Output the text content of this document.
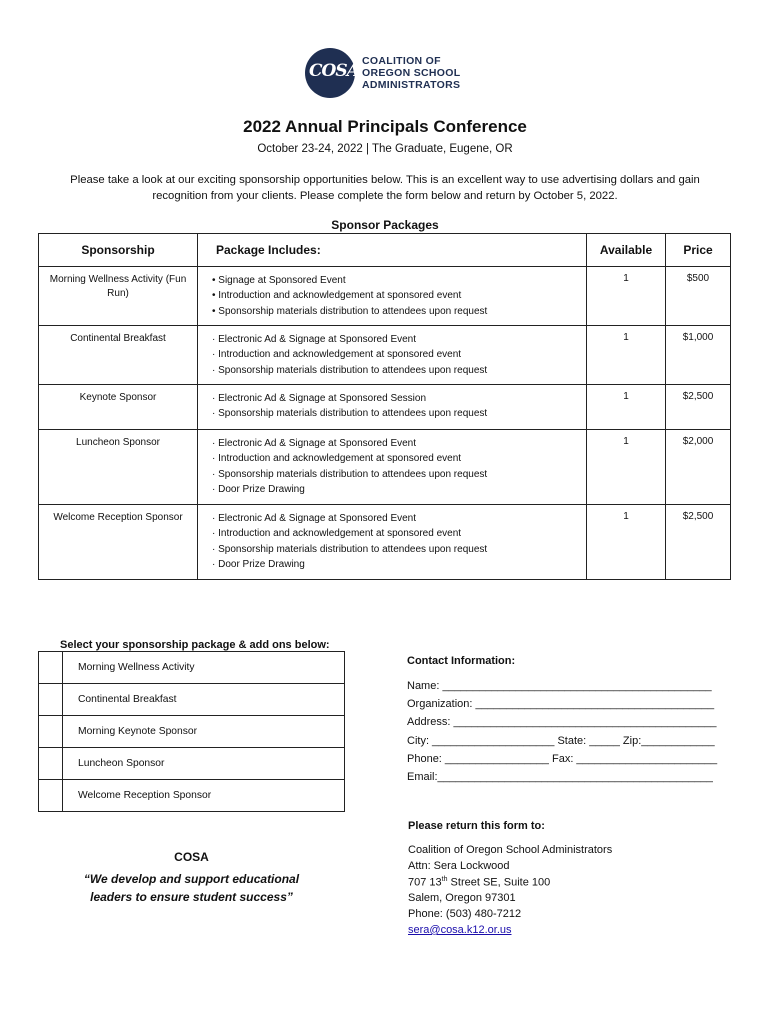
COSA COALITION OF
OREGON SCHOOL
ADMINISTRATORS
2022 Annual Principals Conference
October 23-24, 2022 | The Graduate, Eugene, OR
Please take a look at our exciting sponsorship opportunities below. This is an excellent way to use advertising dollars and gain
recognition from your clients. Please complete the form below and return by October 5, 2022.
Sponsor Packages
Sponsorship	Package Includes:	Available	Price
Morning Wellness Activity (Fun Run)	• Signage at Sponsored Event
• Introduction and acknowledgement at sponsored event
• Sponsorship materials distribution to attendees upon request	1	$500
Continental Breakfast	· Electronic Ad & Signage at Sponsored Event
· Introduction and acknowledgement at sponsored event
· Sponsorship materials distribution to attendees upon request	1	$1,000
Keynote Sponsor	· Electronic Ad & Signage at Sponsored Session
· Sponsorship materials distribution to attendees upon request	1	$2,500
Luncheon Sponsor	· Electronic Ad & Signage at Sponsored Event
· Introduction and acknowledgement at sponsored event
· Sponsorship materials distribution to attendees upon request
· Door Prize Drawing	1	$2,000
Welcome Reception Sponsor	· Electronic Ad & Signage at Sponsored Event
· Introduction and acknowledgement at sponsored event
· Sponsorship materials distribution to attendees upon request
· Door Prize Drawing	1	$2,500
Select your sponsorship package & add ons below:
	Morning Wellness Activity
	Continental Breakfast
	Morning Keynote Sponsor
	Luncheon Sponsor
	Welcome Reception Sponsor
Contact Information:
Name: ____________________________________________
Organization: _______________________________________
Address: ___________________________________________
City: ____________________ State: _____ Zip:____________
Phone: _________________ Fax: _______________________
Email:_____________________________________________
COSA
“We develop and support educational
leaders to ensure student success”
Please return this form to:
Coalition of Oregon School Administrators
Attn: Sera Lockwood
707 13th Street SE, Suite 100
Salem, Oregon 97301
Phone: (503) 480-7212
sera@cosa.k12.or.us
